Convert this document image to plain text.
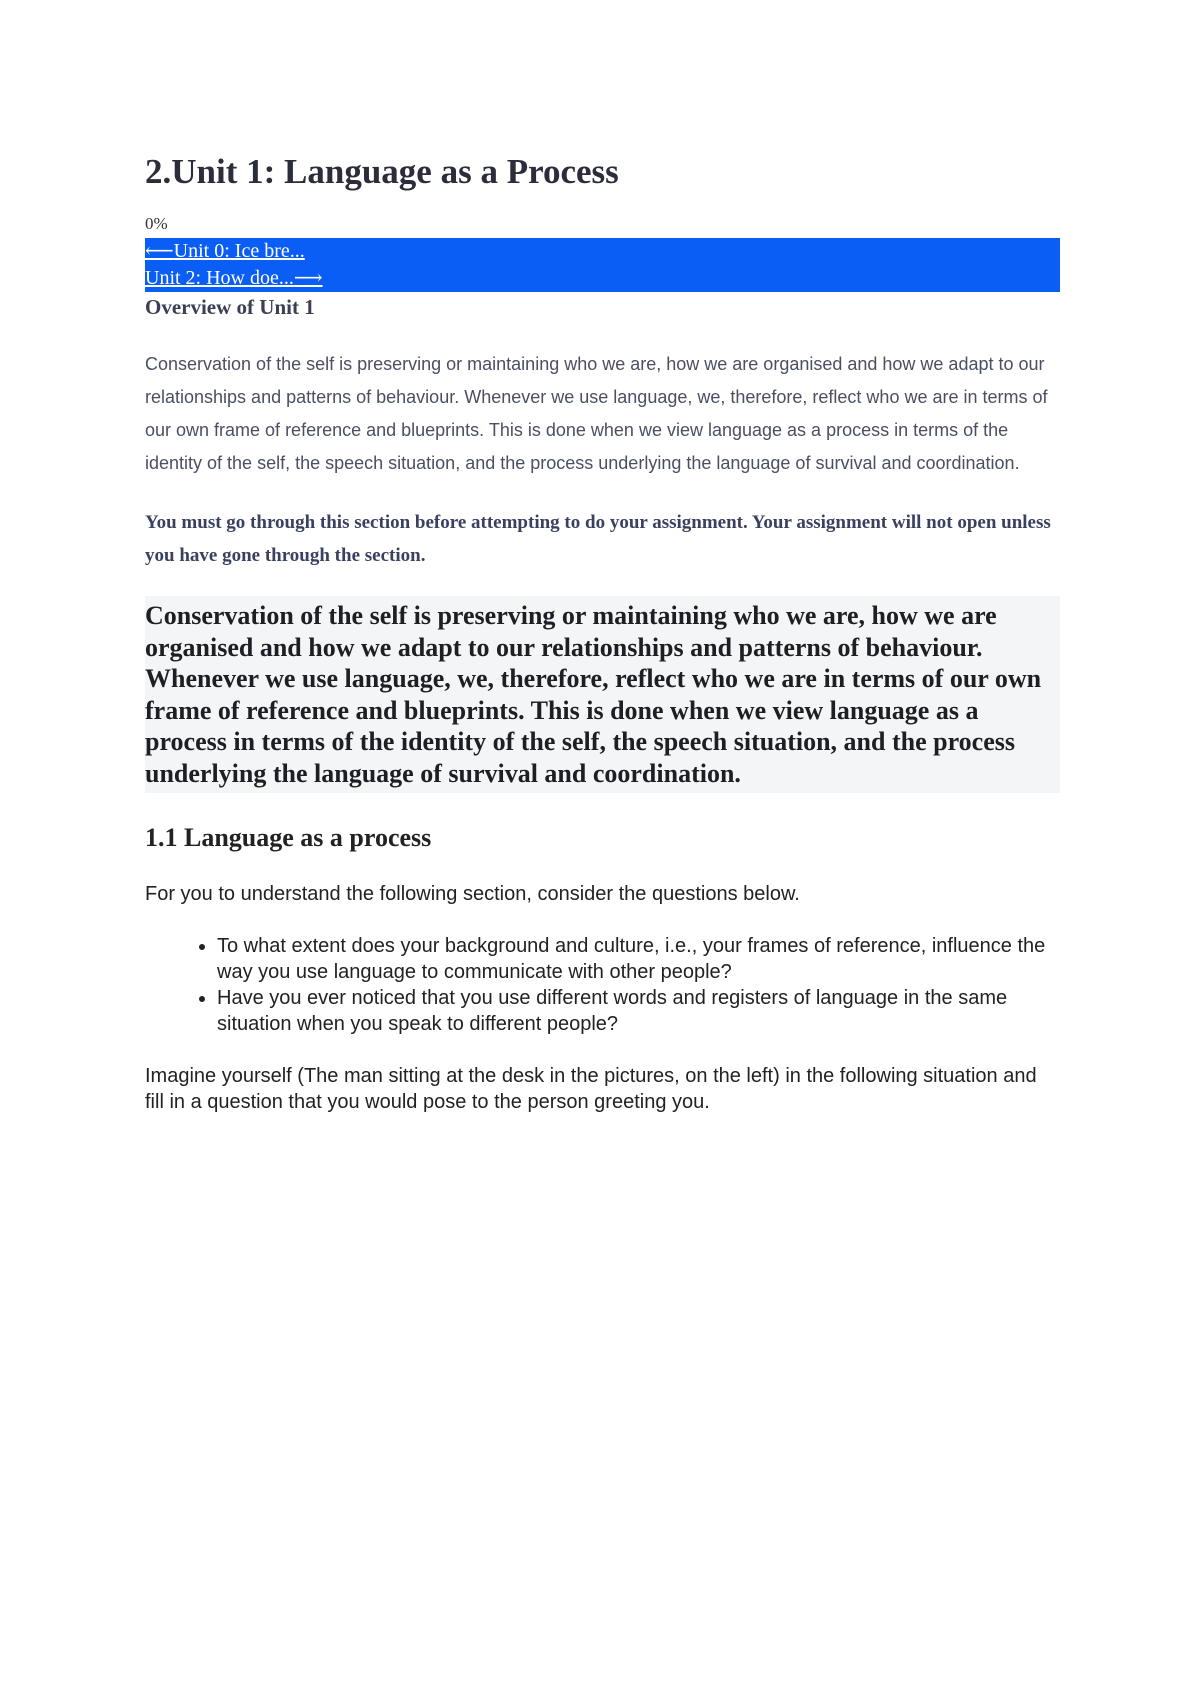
2.Unit 1: Language as a Process
0%
⟵Unit 0: Ice bre...
Unit 2: How doe...⟶
Overview of Unit 1

Conservation of the self is preserving or maintaining who we are, how we are organised and how we adapt to our relationships and patterns of behaviour. Whenever we use language, we, therefore, reflect who we are in terms of our own frame of reference and blueprints. This is done when we view language as a process in terms of the identity of the self, the speech situation, and the process underlying the language of survival and coordination.

You must go through this section before attempting to do your assignment. Your assignment will not open unless you have gone through the section.

Conservation of the self is preserving or maintaining who we are, how we are organised and how we adapt to our relationships and patterns of behaviour. Whenever we use language, we, therefore, reflect who we are in terms of our own frame of reference and blueprints. This is done when we view language as a process in terms of the identity of the self, the speech situation, and the process underlying the language of survival and coordination.
1.1 Language as a process

For you to understand the following section, consider the questions below.

• To what extent does your background and culture, i.e., your frames of reference, influence the way you use language to communicate with other people?
• Have you ever noticed that you use different words and registers of language in the same situation when you speak to different people?

Imagine yourself (The man sitting at the desk in the pictures, on the left) in the following situation and fill in a question that you would pose to the person greeting you.
